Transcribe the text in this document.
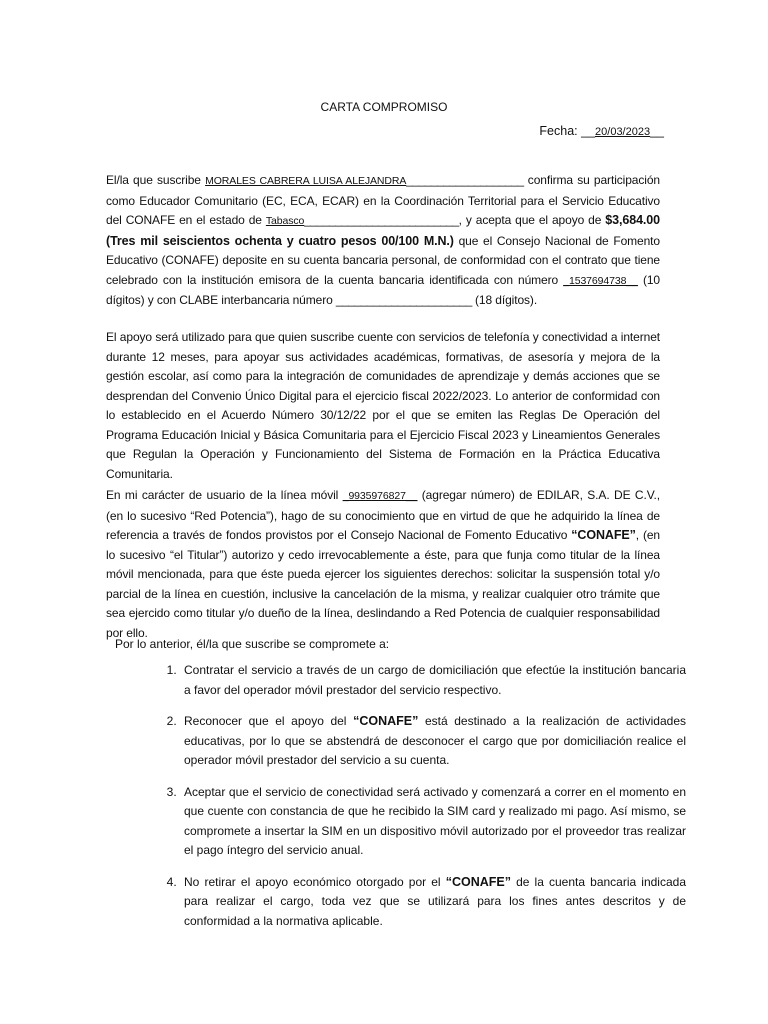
CARTA COMPROMISO
Fecha: __20/03/2023__
El/la que suscribe MORALES CABRERA LUISA ALEJANDRA___________________ confirma su participación como Educador Comunitario (EC, ECA, ECAR) en la Coordinación Territorial para el Servicio Educativo del CONAFE en el estado de Tabasco_________________________, y acepta que el apoyo de $3,684.00 (Tres mil seiscientos ochenta y cuatro pesos 00/100 M.N.) que el Consejo Nacional de Fomento Educativo (CONAFE) deposite en su cuenta bancaria personal, de conformidad con el contrato que tiene celebrado con la institución emisora de la cuenta bancaria identificada con número _1537694738__ (10 dígitos) y con CLABE interbancaria número ______________________ (18 dígitos).
El apoyo será utilizado para que quien suscribe cuente con servicios de telefonía y conectividad a internet durante 12 meses, para apoyar sus actividades académicas, formativas, de asesoría y mejora de la gestión escolar, así como para la integración de comunidades de aprendizaje y demás acciones que se desprendan del Convenio Único Digital para el ejercicio fiscal 2022/2023. Lo anterior de conformidad con lo establecido en el Acuerdo Número 30/12/22 por el que se emiten las Reglas De Operación del Programa Educación Inicial y Básica Comunitaria para el Ejercicio Fiscal 2023 y Lineamientos Generales que Regulan la Operación y Funcionamiento del Sistema de Formación en la Práctica Educativa Comunitaria.
En mi carácter de usuario de la línea móvil _9935976827__ (agregar número) de EDILAR, S.A. DE C.V., (en lo sucesivo “Red Potencia”), hago de su conocimiento que en virtud de que he adquirido la línea de referencia a través de fondos provistos por el Consejo Nacional de Fomento Educativo “CONAFE”, (en lo sucesivo “el Titular”) autorizo y cedo irrevocablemente a éste, para que funja como titular de la línea móvil mencionada, para que éste pueda ejercer los siguientes derechos: solicitar la suspensión total y/o parcial de la línea en cuestión, inclusive la cancelación de la misma, y realizar cualquier otro trámite que sea ejercido como titular y/o dueño de la línea, deslindando a Red Potencia de cualquier responsabilidad por ello.
Por lo anterior, él/la que suscribe se compromete a:
1. Contratar el servicio a través de un cargo de domiciliación que efectúe la institución bancaria a favor del operador móvil prestador del servicio respectivo.
2. Reconocer que el apoyo del “CONAFE” está destinado a la realización de actividades educativas, por lo que se abstendrá de desconocer el cargo que por domiciliación realice el operador móvil prestador del servicio a su cuenta.
3. Aceptar que el servicio de conectividad será activado y comenzará a correr en el momento en que cuente con constancia de que he recibido la SIM card y realizado mi pago. Así mismo, se compromete a insertar la SIM en un dispositivo móvil autorizado por el proveedor tras realizar el pago íntegro del servicio anual.
4. No retirar el apoyo económico otorgado por el “CONAFE” de la cuenta bancaria indicada para realizar el cargo, toda vez que se utilizará para los fines antes descritos y de conformidad a la normativa aplicable.
